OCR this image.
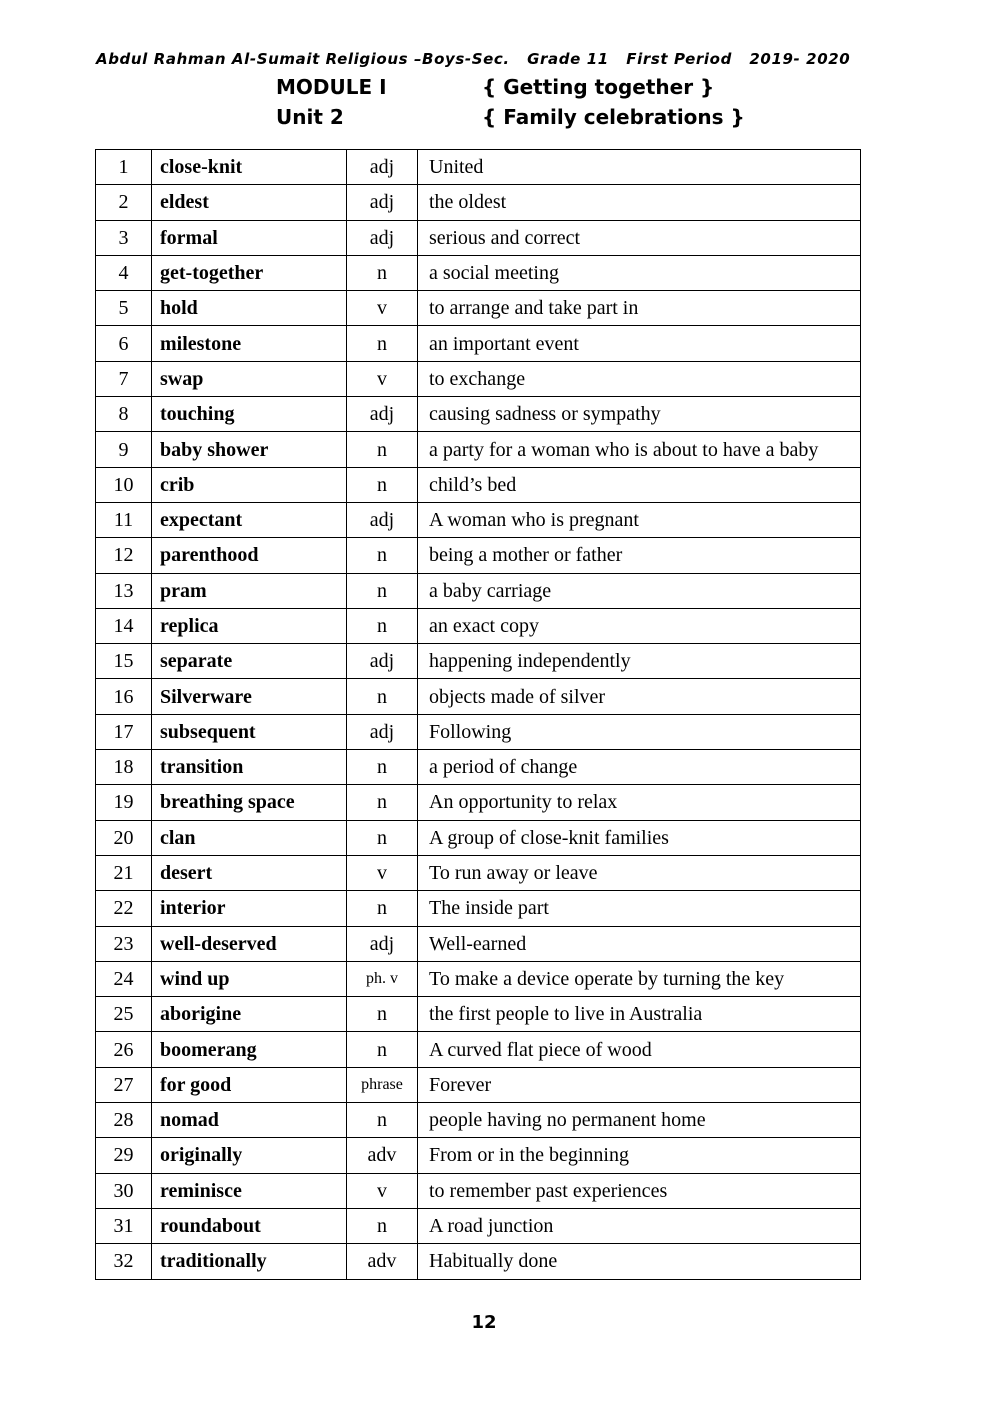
Abdul Rahman Al-Sumait Religious –Boys-Sec.   Grade 11   First Period   2019- 2020
MODULE I	{ Getting together }
Unit 2	{ Family celebrations }
1	close-knit	adj	United
2	eldest	adj	the oldest
3	formal	adj	serious and correct
4	get-together	n	a social meeting
5	hold	v	to arrange and take part in
6	milestone	n	an important event
7	swap	v	to exchange
8	touching	adj	causing sadness or sympathy
9	baby shower	n	a party for a woman who is about to have a baby
10	crib	n	child’s bed
11	expectant	adj	A woman who is pregnant
12	parenthood	n	being a mother or father
13	pram	n	a baby carriage
14	replica	n	an exact copy
15	separate	adj	happening independently
16	Silverware	n	objects made of silver
17	subsequent	adj	Following
18	transition	n	a period of change
19	breathing space	n	An opportunity to relax
20	clan	n	A group of close-knit families
21	desert	v	To run away or leave
22	interior	n	The inside part
23	well-deserved	adj	Well-earned
24	wind up	ph. v	To make a device operate by turning the key
25	aborigine	n	the first people to live in Australia
26	boomerang	n	A curved flat piece of wood
27	for good	phrase	Forever
28	nomad	n	people having no permanent home
29	originally	adv	From or in the beginning
30	reminisce	v	to remember past experiences
31	roundabout	n	A road junction
32	traditionally	adv	Habitually done
12
